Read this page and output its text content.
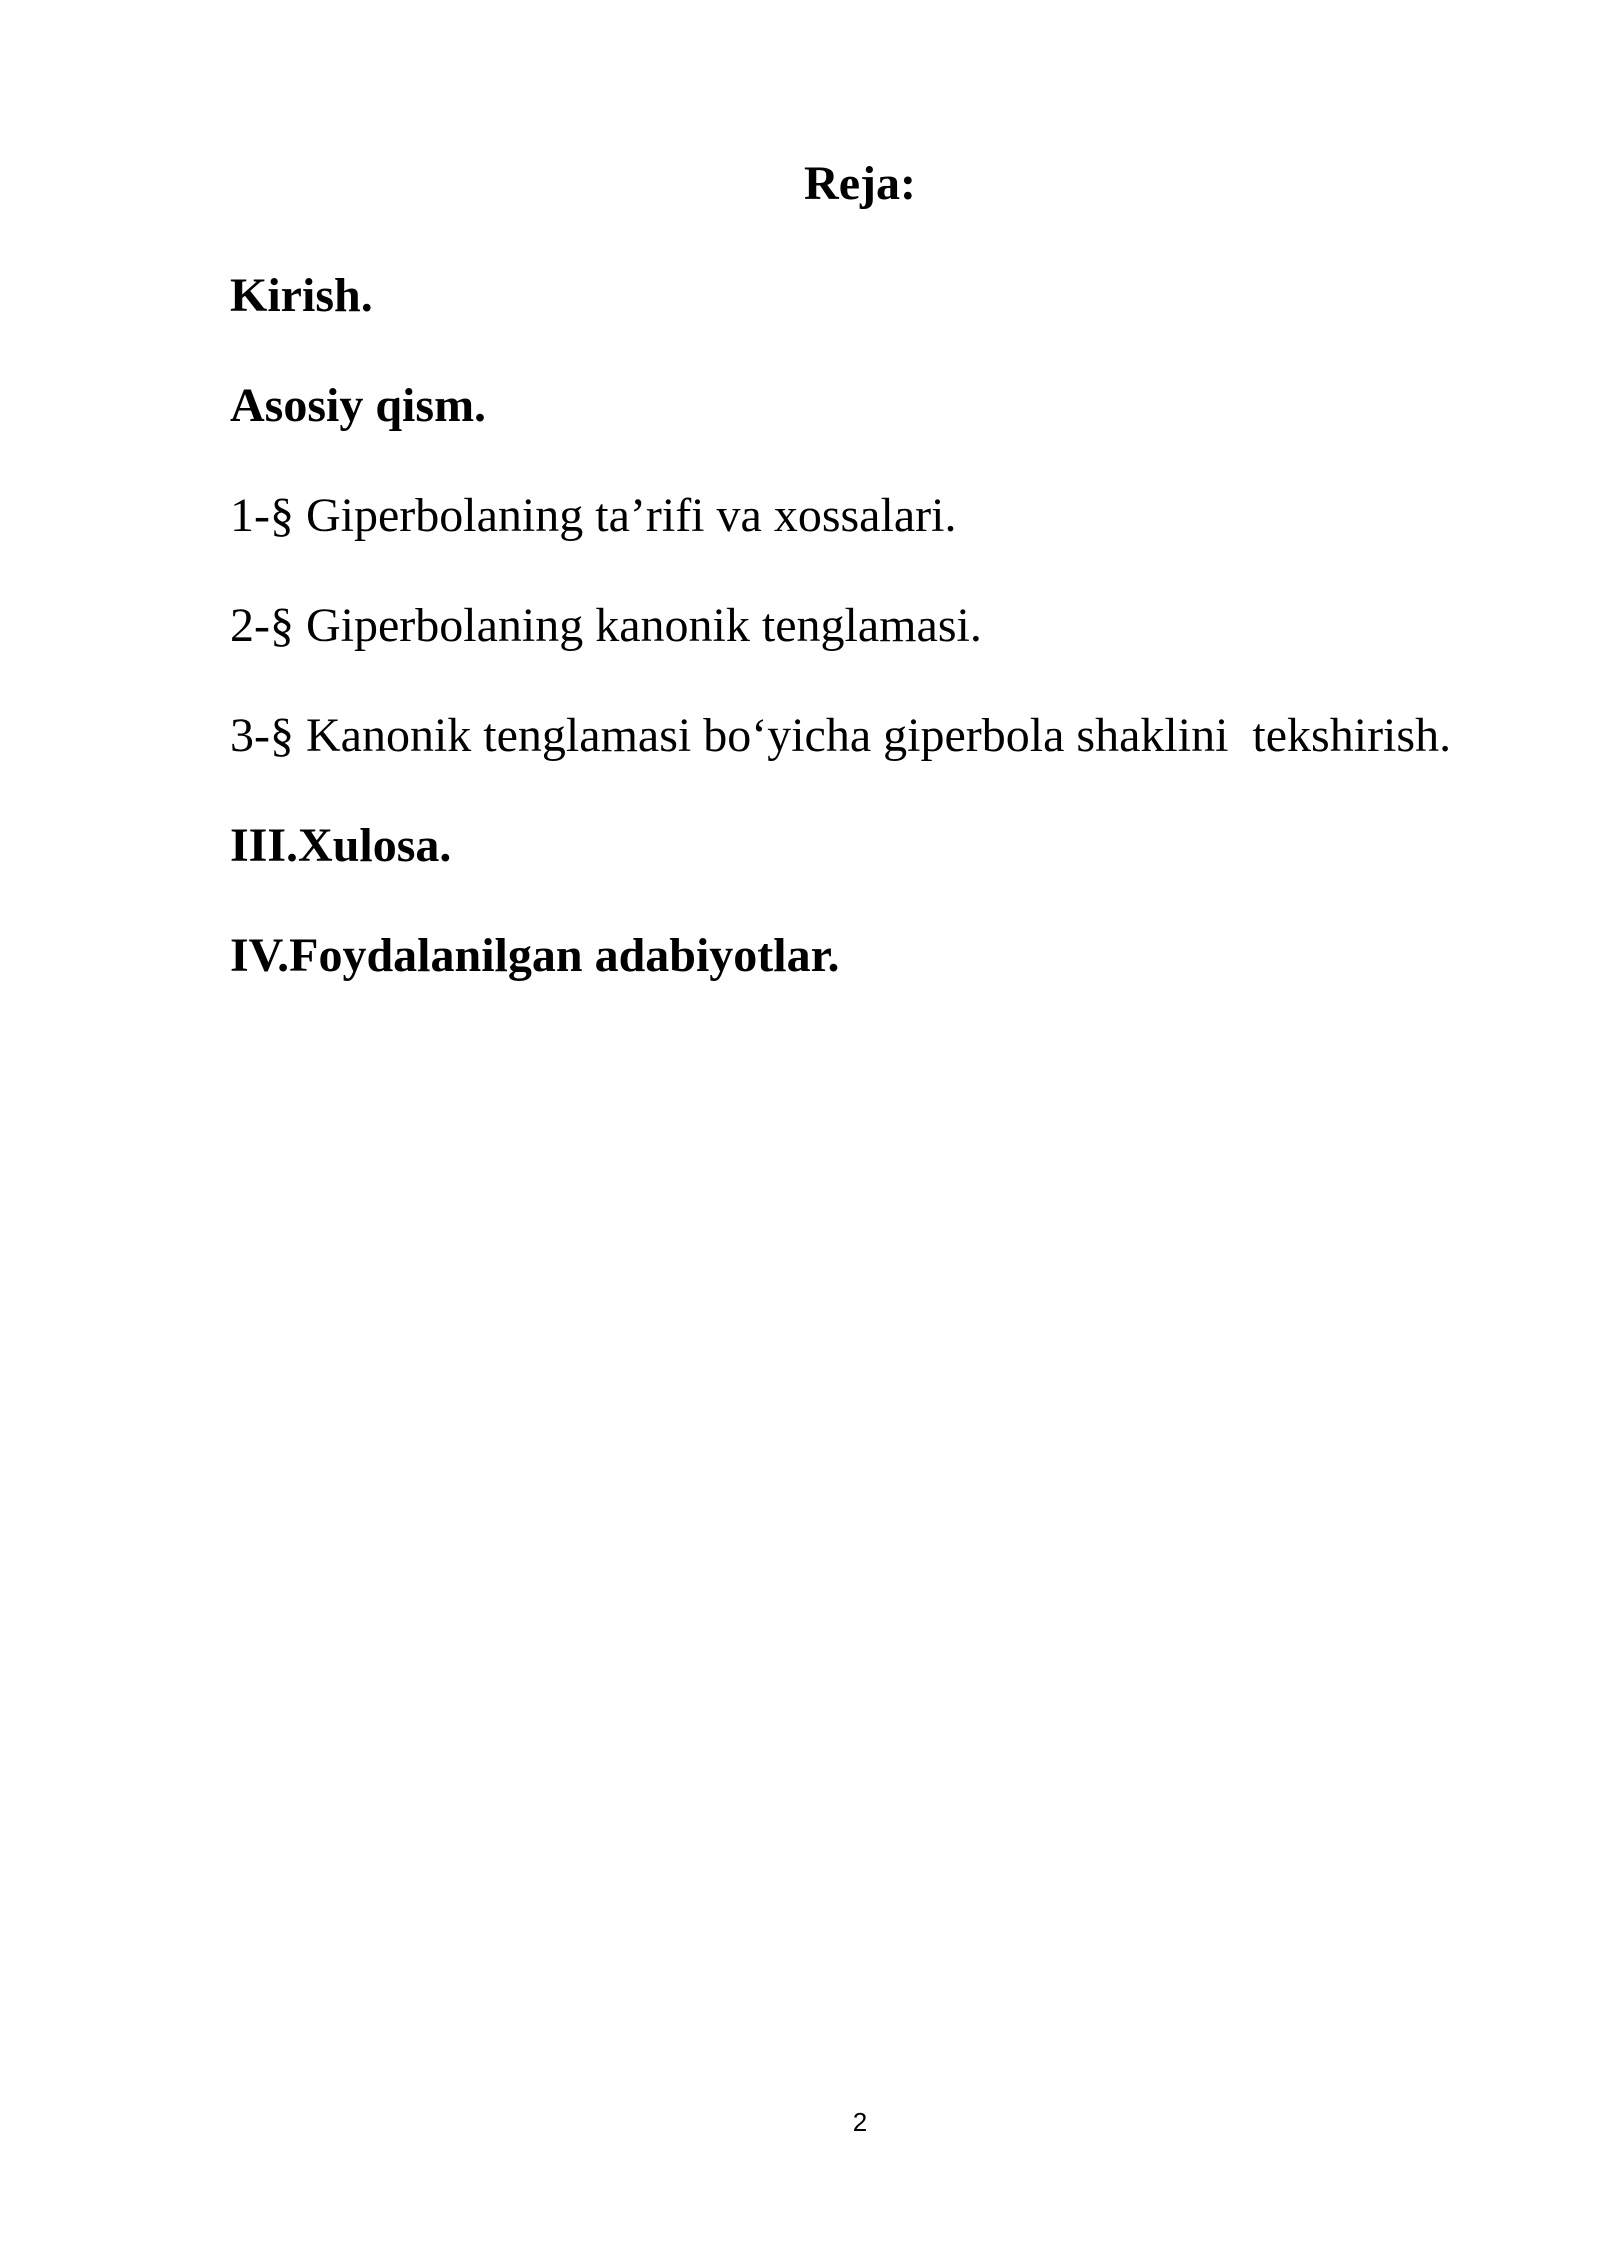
Reja:
Kirish.
Asosiy qism.
1-§ Giperbolaning ta’rifi va xossalari.
2-§ Giperbolaning kanonik tenglamasi.
3-§ Kanonik tenglamasi bo‘yicha giperbola shaklini  tekshirish.
III.Xulosa.
IV.Foydalanilgan adabiyotlar.
2
